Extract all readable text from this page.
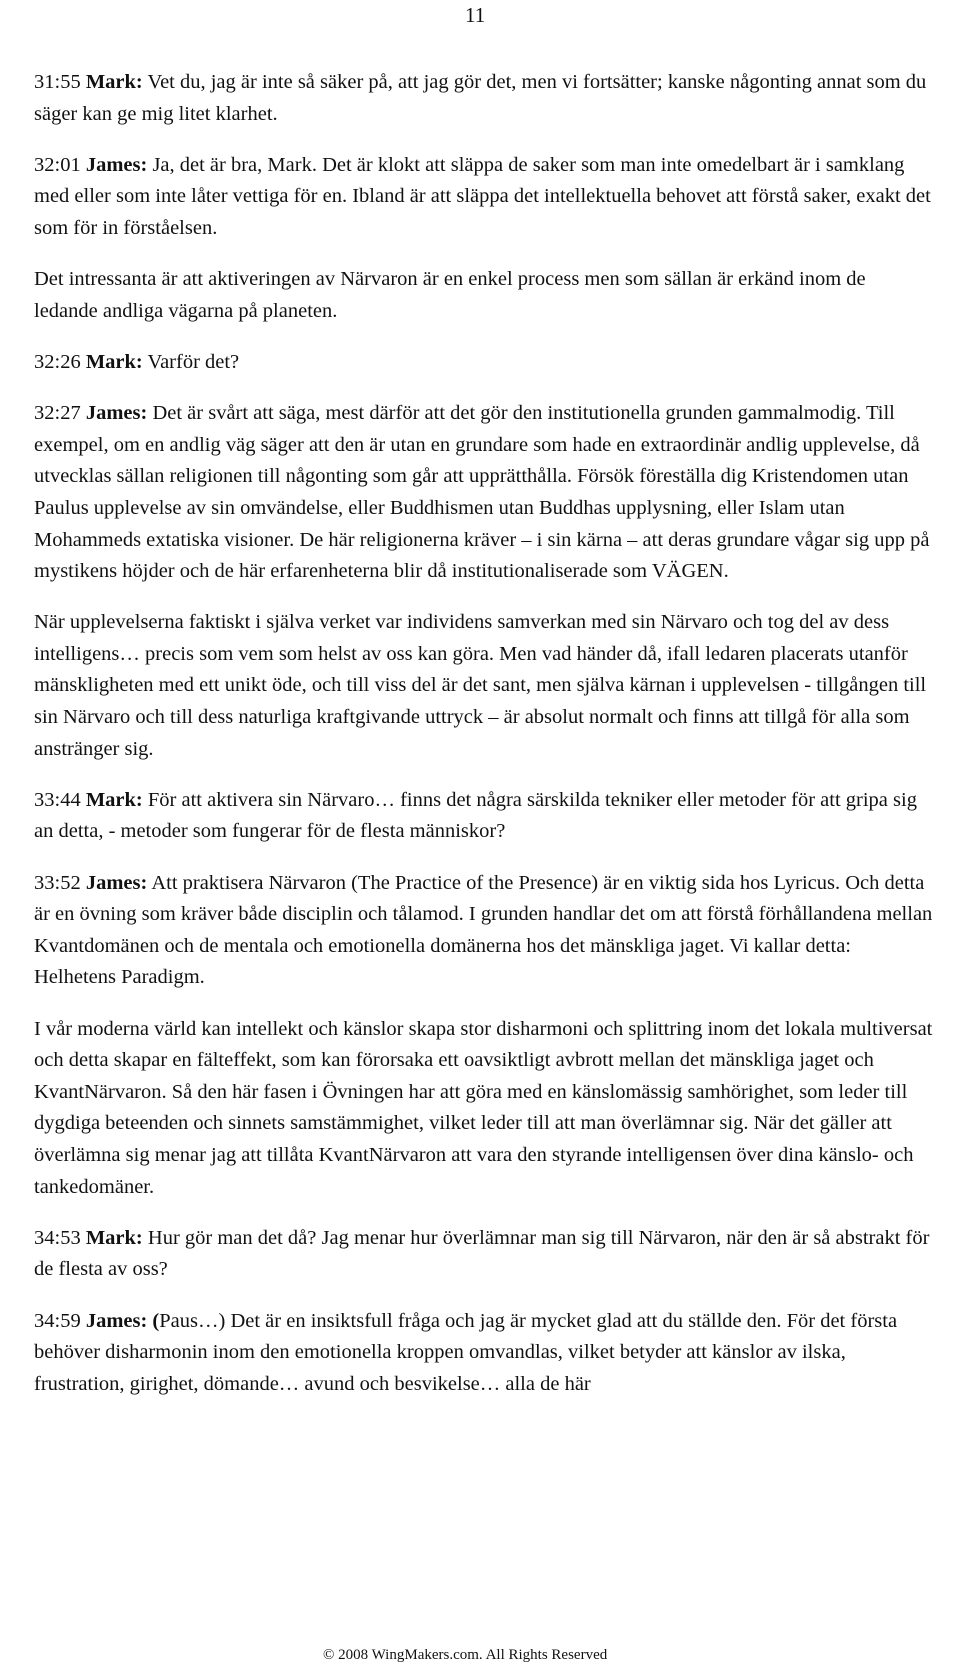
11

31:55 Mark: Vet du, jag är inte så säker på, att jag gör det, men vi fortsätter; kanske någonting annat som du säger kan ge mig litet klarhet.

32:01 James: Ja, det är bra, Mark. Det är klokt att släppa de saker som man inte omedelbart är i samklang med eller som inte låter vettiga för en. Ibland är att släppa det intellektuella behovet att förstå saker, exakt det som för in förståelsen.

Det intressanta är att aktiveringen av Närvaron är en enkel process men som sällan är erkänd inom de ledande andliga vägarna på planeten.

32:26 Mark: Varför det?

32:27 James: Det är svårt att säga, mest därför att det gör den institutionella grunden gammalmodig. Till exempel, om en andlig väg säger att den är utan en grundare som hade en extraordinär andlig upplevelse, då utvecklas sällan religionen till någonting som går att upprätthålla. Försök föreställa dig Kristendomen utan Paulus upplevelse av sin omvändelse, eller Buddhismen utan Buddhas upplysning, eller Islam utan Mohammeds extatiska visioner. De här religionerna kräver – i sin kärna – att deras grundare vågar sig upp på mystikens höjder och de här erfarenheterna blir då institutionaliserade som VÄGEN.

När upplevelserna faktiskt i själva verket var individens samverkan med sin Närvaro och tog del av dess intelligens… precis som vem som helst av oss kan göra. Men vad händer då, ifall ledaren placerats utanför mänskligheten med ett unikt öde, och till viss del är det sant, men själva kärnan i upplevelsen - tillgången till sin Närvaro och till dess naturliga kraftgivande uttryck – är absolut normalt och finns att tillgå för alla som anstränger sig.

33:44 Mark: För att aktivera sin Närvaro… finns det några särskilda tekniker eller metoder för att gripa sig an detta, - metoder som fungerar för de flesta människor?

33:52 James: Att praktisera Närvaron (The Practice of the Presence) är en viktig sida hos Lyricus. Och detta är en övning som kräver både disciplin och tålamod. I grunden handlar det om att förstå förhållandena mellan Kvantdomänen och de mentala och emotionella domänerna hos det mänskliga jaget. Vi kallar detta: Helhetens Paradigm.

I vår moderna värld kan intellekt och känslor skapa stor disharmoni och splittring inom det lokala multiversat och detta skapar en fälteffekt, som kan förorsaka ett oavsiktligt avbrott mellan det mänskliga jaget och KvantNärvaron. Så den här fasen i Övningen har att göra med en känslomässig samhörighet, som leder till dygdiga beteenden och sinnets samstämmighet, vilket leder till att man överlämnar sig. När det gäller att överlämna sig menar jag att tillåta KvantNärvaron att vara den styrande intelligensen över dina känslo- och tankedomäner.

34:53 Mark: Hur gör man det då? Jag menar hur överlämnar man sig till Närvaron, när den är så abstrakt för de flesta av oss?

34:59 James: (Paus…) Det är en insiktsfull fråga och jag är mycket glad att du ställde den. För det första behöver disharmonin inom den emotionella kroppen omvandlas, vilket betyder att känslor av ilska, frustration, girighet, dömande… avund och besvikelse… alla de här

© 2008 WingMakers.com. All Rights Reserved
